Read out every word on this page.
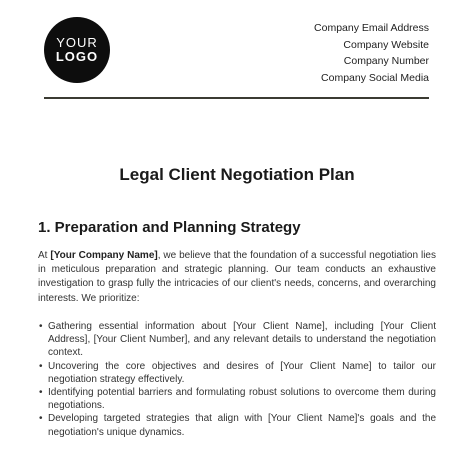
YOUR
LOGO
Company Email Address
Company Website
Company Number
Company Social Media
Legal Client Negotiation Plan
1. Preparation and Planning Strategy
At [Your Company Name], we believe that the foundation of a successful negotiation lies in meticulous preparation and strategic planning. Our team conducts an exhaustive investigation to grasp fully the intricacies of our client's needs, concerns, and overarching interests. We prioritize:
• Gathering essential information about [Your Client Name], including [Your Client Address], [Your Client Number], and any relevant details to understand the negotiation context.
• Uncovering the core objectives and desires of [Your Client Name] to tailor our negotiation strategy effectively.
• Identifying potential barriers and formulating robust solutions to overcome them during negotiations.
• Developing targeted strategies that align with [Your Client Name]'s goals and the negotiation's unique dynamics.
